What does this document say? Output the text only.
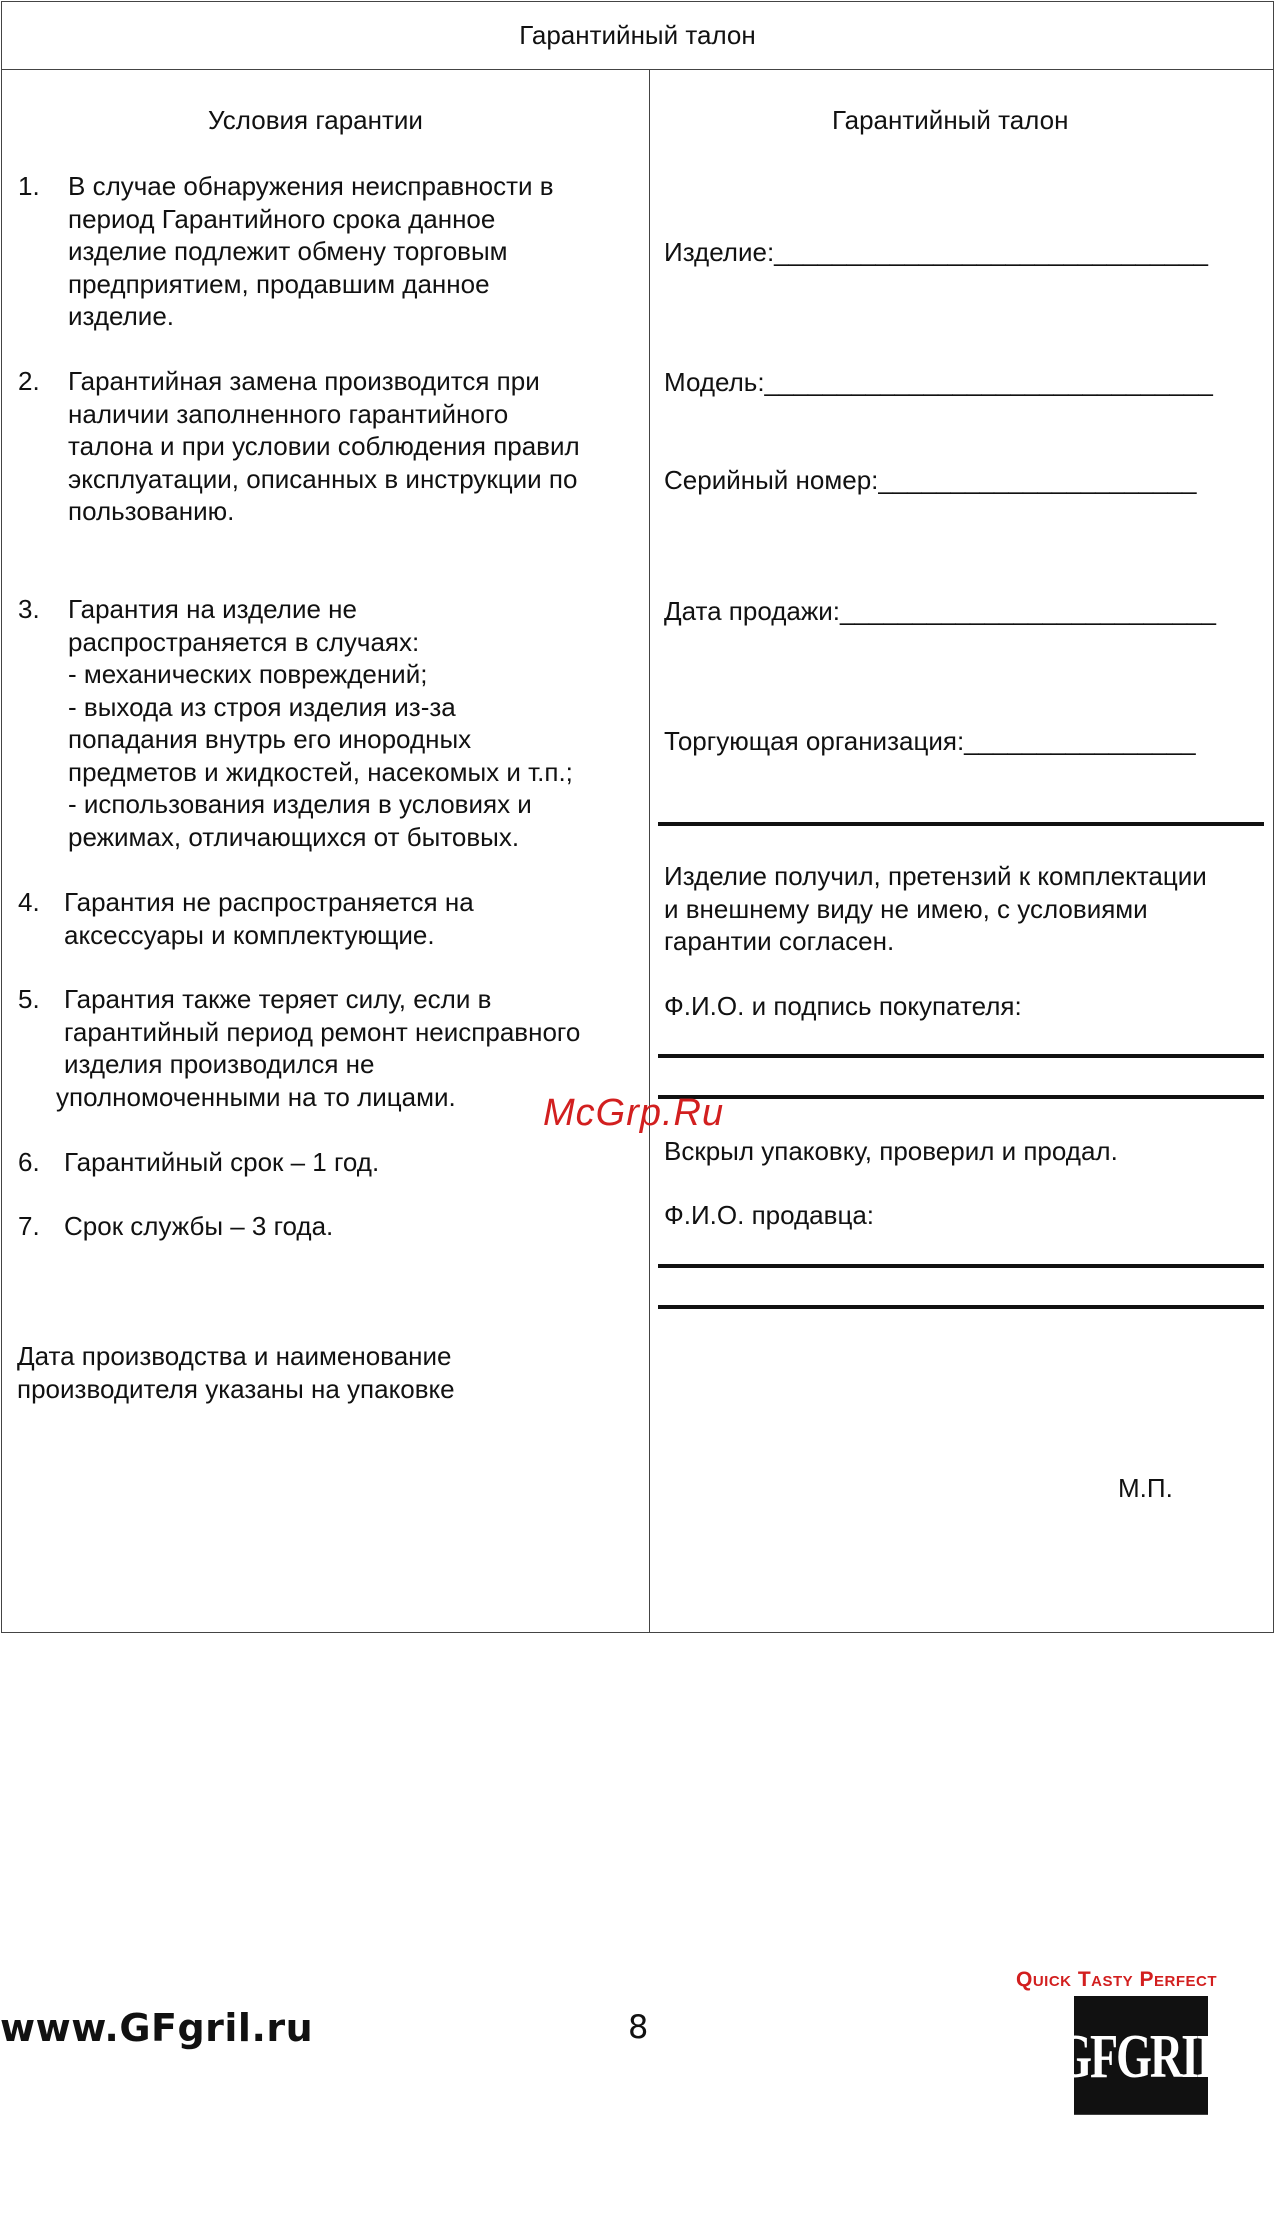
Гарантийный талон
Условия гарантии
1. В случае обнаружения неисправности в
период Гарантийного срока данное
изделие подлежит обмену торговым
предприятием, продавшим данное
изделие.
2. Гарантийная замена производится при
наличии заполненного гарантийного
талона и при условии соблюдения правил
эксплуатации, описанных в инструкции по
пользованию.
3. Гарантия на изделие не
распространяется в случаях:
- механических повреждений;
- выхода из строя изделия из-за
попадания внутрь его инородных
предметов и жидкостей, насекомых и т.п.;
- использования изделия в условиях и
режимах, отличающихся от бытовых.
4. Гарантия не распространяется на
аксессуары и комплектующие.
5. Гарантия также теряет силу, если в
гарантийный период ремонт неисправного
изделия производился не
уполномоченными на то лицами.
6. Гарантийный срок – 1 год.
7. Срок службы – 3 года.
Дата производства и наименование
производителя указаны на упаковке
Гарантийный талон
Изделие:______________________________
Модель:_______________________________
Серийный номер:______________________
Дата продажи:__________________________
Торгующая организация:________________
Изделие получил, претензий к комплектации
и внешнему виду не имею, с условиями
гарантии согласен.
Ф.И.О. и подпись покупателя:
Вскрыл упаковку, проверил и продал.
Ф.И.О. продавца:
М.П.
McGrp.Ru
www.GFgril.ru	8
Quick Tasty Perfect
GFGRIL
